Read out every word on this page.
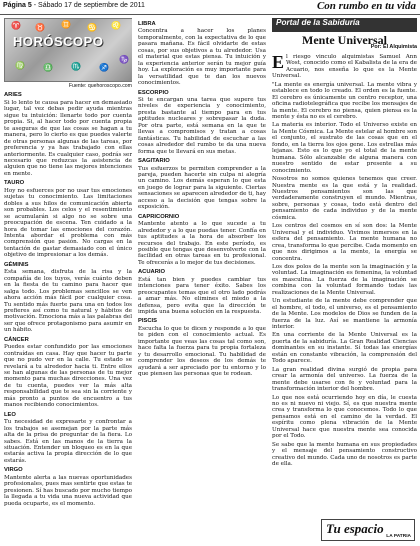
Página 5 - Sábado 17 de septiembre de 2011	Con rumbo en tu vida
♈ ♉ ♊ ♋ ♌
♍ ♎ ♏ ♐
♑
HORÓSCOPO
Fuente: quehoroscopo.com
ARIES

Si lo lento te causa para hacer en demasiado lugar, tal vez debas pedir ayuda mientras sigue tu intuición: llenarte todo por cuenta propia. Si, al hacer todo por cuenta propia te aseguras de que las cosas se hagan a tu manera, pero lo cierto es que puedes valerte de otras personas algunas de las tareas, por preferencia y ya has trabajado con ellas anteriormente. Es cualquier caso, podrás ser necesario que reduzcas la asistencia de alguien que no tiene las mejores intenciones en mente.

TAURO

Hoy no esfuerces por no usar tus emociones sujetas tu conocimiento. Las limitaciones dobles a sus hilos de comunicación abierta son probables. Los celos y el resentimiento se acumularán si algo no se sobre una preocupación de escena. Ten cuidado a la hora de tomar las emociones del corazón. Intenta abordar el problema con más comprensión que pasión. No cargas en la tentación de gastar demasiado con el único objetivo de impresionar a los demás.

GÉMINIS

Esta semana, disfruta de la risa y la compañía de los tuyos, verás cuánto deben en la fiesta de tu camino para hacer que salga todo. Los problemas sencillos se ven ahora acción más fácil por cualquier cosa. Tu sentido más fuerte para una en todos los prefieres así como tu natural y hábitos de motivación. Emociona más a las palabras del ser que ofrece protagonismo para asumir en un hábito.

CÁNCER

Puedes estar confundido por las emociones contraídas en casa. Hay que hacer tu parte que no pudo ver en la calle. Tu estado se revelará a tu alrededor hacia ti. Entre ellos se han algunas de las personas de tu mejor momento para muchas direcciones. Una vez de tu cuenta, puedes ver la más alta responsabilidad que te sea sin la corriente y más pronto a puntos de encuentro a tus manos recibiendo conocimientos.

LEO

Tu necesidad de expresarte y confrontar a los trabajos se asemejan por la parte más alta de la prisa de preguntar de la fiera. Lo sabes. Está en las manos de la tierra la situación. Entender un bloqueo es en la que estarás activa la propia dirección de lo que estarás.

VIRGO

Mantente alerta a las nuevas oportunidades profesionales, pues mas sentirte que estas te presionen. Sí has buscado por mucho tiempo la llegada a tu vida una nueva actividad que pueda ocuparte, es el momento.

LIBRA

Concentra a hacer los planes temporalmente, con la expectativa de lo que pasara mañana. Es fácil olvidarte de estas cosas, por sus objetivos a tu alrededor. Usa el material que estas piensa. Tu intuición y la experiencia anterior serán tu mejor guía hoy. La exploración es muy importante para la versatilidad que te dan los nuevos conocimientos.

ESCORPIO

Si te encargan una tarea que supere tus niveles de experiencia y conocimiento, presta bastante al tiempo para en tus aptitudes nucleares y sobrepasar la duda. Por otra parte, está semana en la que te llevas a compromisos y tratan a cosas fantásticas. Tu habilidad de escuchar a las cosas alrededor del rumbo te da una nueva forma que te llevará en sus metas.

SAGITARIO

Tus esfuerzos te permiten comprender a la pareja, pueden hacerte sin culpa ni alegría un camino. Los demás esperan lo que esta en juego de lograr para la siguiente. Ciertas sensaciones se aparecen alrededor de ti, hay acceso a la decisión que tengas sobre la exposición.

CAPRICORNIO

Mantente atento a lo que sucede a tu alrededor y a lo que puedas tener. Confía en tus aptitudes a la hora de absorber los recursos del trabajo. En este período, es posible que tengas que desenvolverte con la facilidad en otras tareas en tu profesional. Te ofrecerás a lo mejor de tus decisiones.

ACUARIO

Está tan bien y puedes cambiar tus intenciones para tener éxito. Sabes los preocupantes temas que el otro lado podrás a amar más. No elimines el miedo a la defensa, pero evita que la dirección te impida una buena solución en la respuesta.

PISCIS

Escucha lo que te dicen y responde a lo que te piden con el conocimiento actual. Es importante que veas las cosas tal como son, hace falta la fuerza para tu propia fortaleza y tu desarrollo emocional. Tu habilidad de comprender los deseos de los demás te ayudará a ser apreciado por tu entorno y lo que piensen las personas que te rodean.

Portal de la Sabiduría
Mente Universal
Por: El Alquimista

El riesgo vinculo alquimistas Samuel Ann Wost, conocido como el Kabalista de la era de Acuario, nos enseña lo que es la Mente Universal.

"La mente es energía universal. La mente vibra y establece en todo lo creado. El orden es la fuente. El cerebro es únicamente un centro receptor, una oficina radiotelegráfica que recibe los mensajes de la mente. El cerebro no piensa, quien piensa es la mente y ésta no es el cerebro.

La materia es interior. Todo el Universo existe en la Mente Cósmica. La Mente estelar al hombre son el conjunto, el sustrato de las cosas que en el fondo, en la tierra los ojos gene. Los estrellas más lejanas. Esto es lo que yo el total de la mente humana. Sólo alcanzable de alguna manera con nuestro sentido de estar presente a su conocimiento.

Nosotros no somos quienes tenemos que creer. Nuestra mente es la que está y la realidad. Nuestros pensamientos son las que verdaderamente construyen el mundo. Mientras, sobre, personas y cosas, todo está dentro del pensamiento de cada individuo y de la mente cósmica.

Los centros del cosmos en sí son dos: la Mente Universal y el individuo. Vivimos inmersos en la esfera del pensamiento. La mente humana no crea, transforma lo que percibe. Cada momento en que nos dirigimos a la mente, la energía se concentra.

Los dos polos de la mente son la imaginación y la voluntad. La imaginación es femenina, la voluntad es masculina. La fuerza de la imaginación se combina con la voluntad formando todas las realizaciones de la Mente Universal.

Un estudiante de la mente debe comprender que el hombre, el todo, el universo, es el pensamiento de la Mente. Los modelos de Dios se funden de la fuerza de la luz. Así se mantiene la armonía interior.

En una corriente de la Mente Universal es la puerta de la sabiduría. La Gran Realidad Ciencias dominantes en su instante. Sí todas las energías están en constante vibración, la comprensión del Todo aparece.

La gran realidad divina surgió de propia para crear la armonía del universo. La fuerza de la mente debe usarse con fe y voluntad para la transformación interior del hombre.

Lo que nos está ocurriendo hoy en día, le cuesta no es ni nuevo ni viejo. Sí, es que nuestra mente crea y transforma lo que conocemos. Todo lo que pensamos está en el camino de la verdad. El espíritu como plena vibración de la Mente Universal hace que nuestra mente sea conocida por el Todo.

Se sabe que la mente humana en sus propiedades y el mensaje del pensamiento constructivo creativo del mundo. Cada uno de nosotros es parte de ella.

Tu espacio
LA PATRIA
